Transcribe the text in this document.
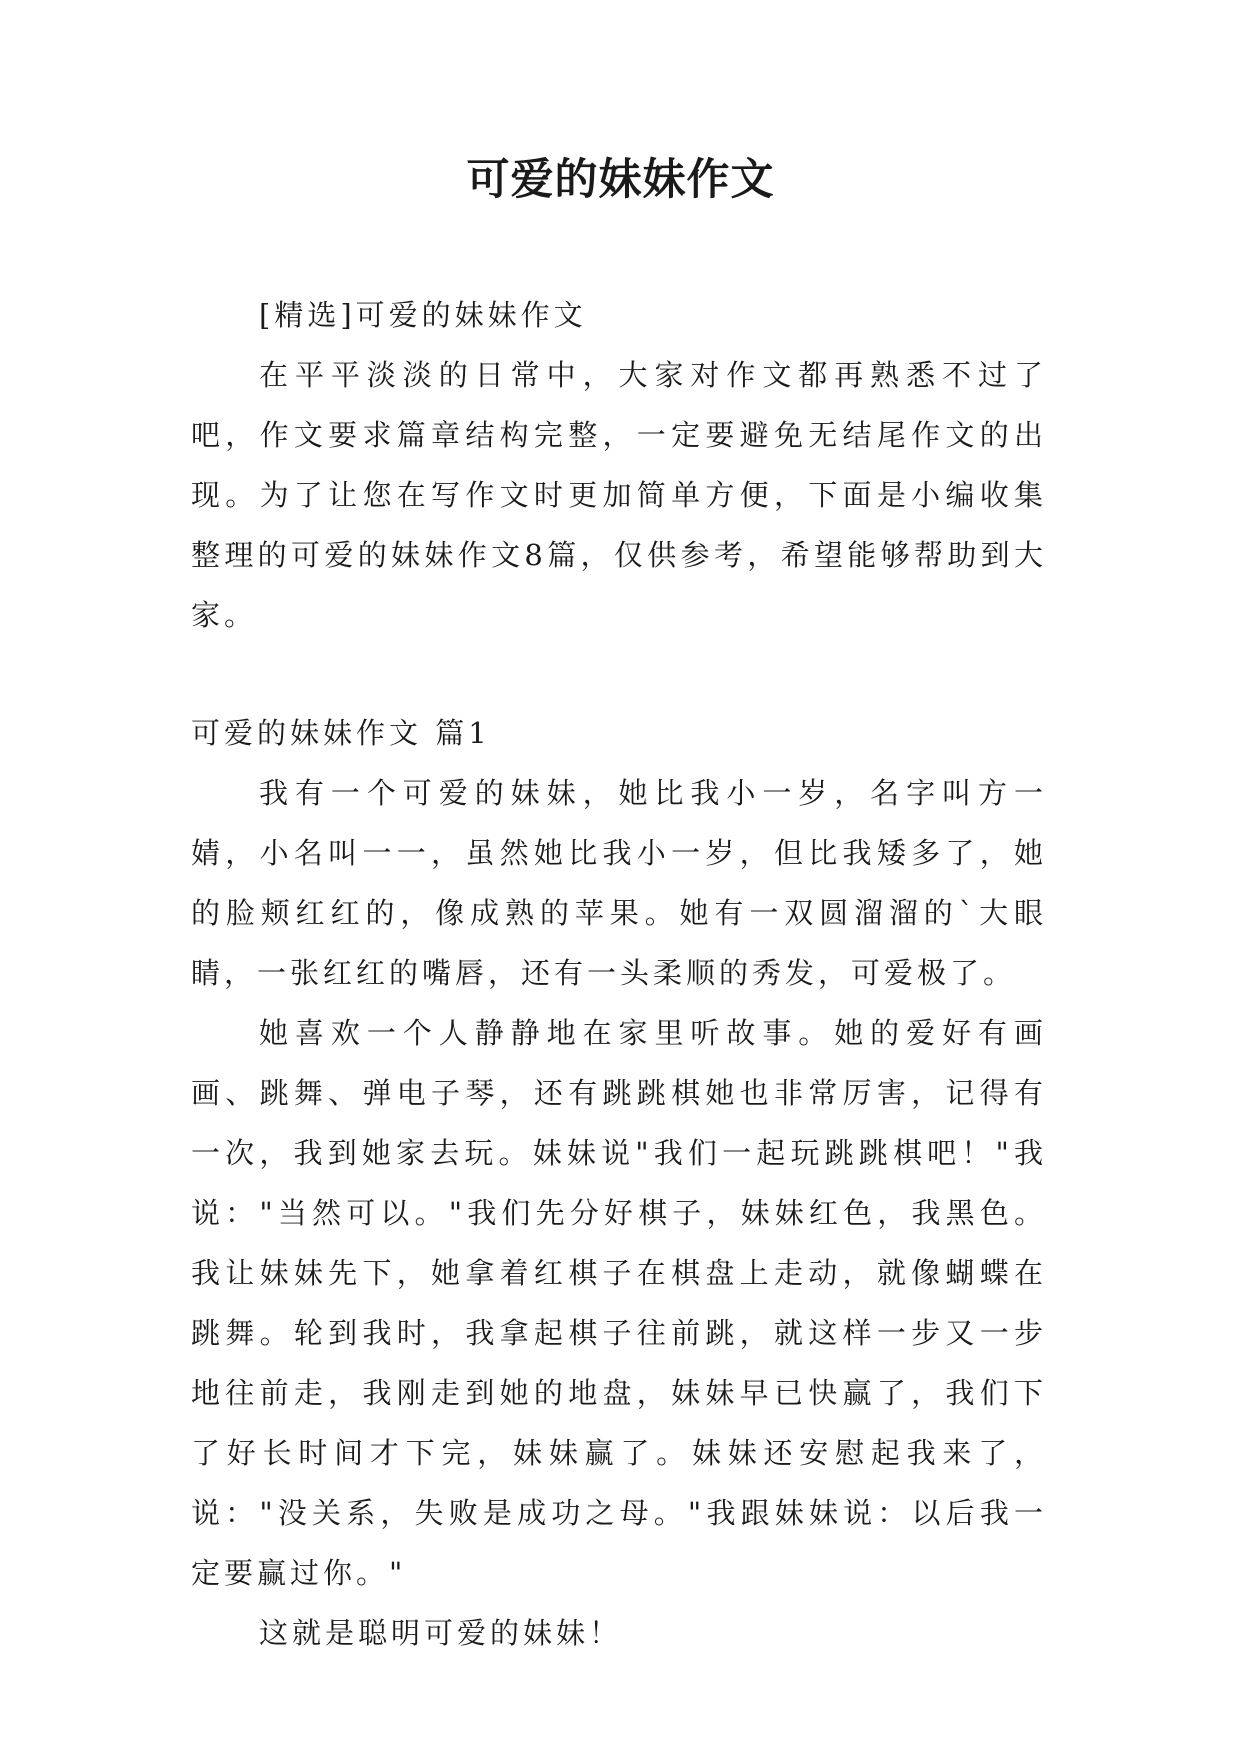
可爱的妹妹作文

[精选]可爱的妹妹作文

在平平淡淡的日常中，大家对作文都再熟悉不过了吧，作文要求篇章结构完整，一定要避免无结尾作文的出现。为了让您在写作文时更加简单方便，下面是小编收集整理的可爱的妹妹作文8篇，仅供参考，希望能够帮助到大家。

可爱的妹妹作文 篇1

我有一个可爱的妹妹，她比我小一岁，名字叫方一婧，小名叫一一，虽然她比我小一岁，但比我矮多了，她的脸颊红红的，像成熟的苹果。她有一双圆溜溜的`大眼睛，一张红红的嘴唇，还有一头柔顺的秀发，可爱极了。

她喜欢一个人静静地在家里听故事。她的爱好有画画、跳舞、弹电子琴，还有跳跳棋她也非常厉害，记得有一次，我到她家去玩。妹妹说"我们一起玩跳跳棋吧！"我说："当然可以。"我们先分好棋子，妹妹红色，我黑色。我让妹妹先下，她拿着红棋子在棋盘上走动，就像蝴蝶在跳舞。轮到我时，我拿起棋子往前跳，就这样一步又一步地往前走，我刚走到她的地盘，妹妹早已快赢了，我们下了好长时间才下完，妹妹赢了。妹妹还安慰起我来了，说："没关系，失败是成功之母。"我跟妹妹说：以后我一定要赢过你。"

这就是聪明可爱的妹妹！
